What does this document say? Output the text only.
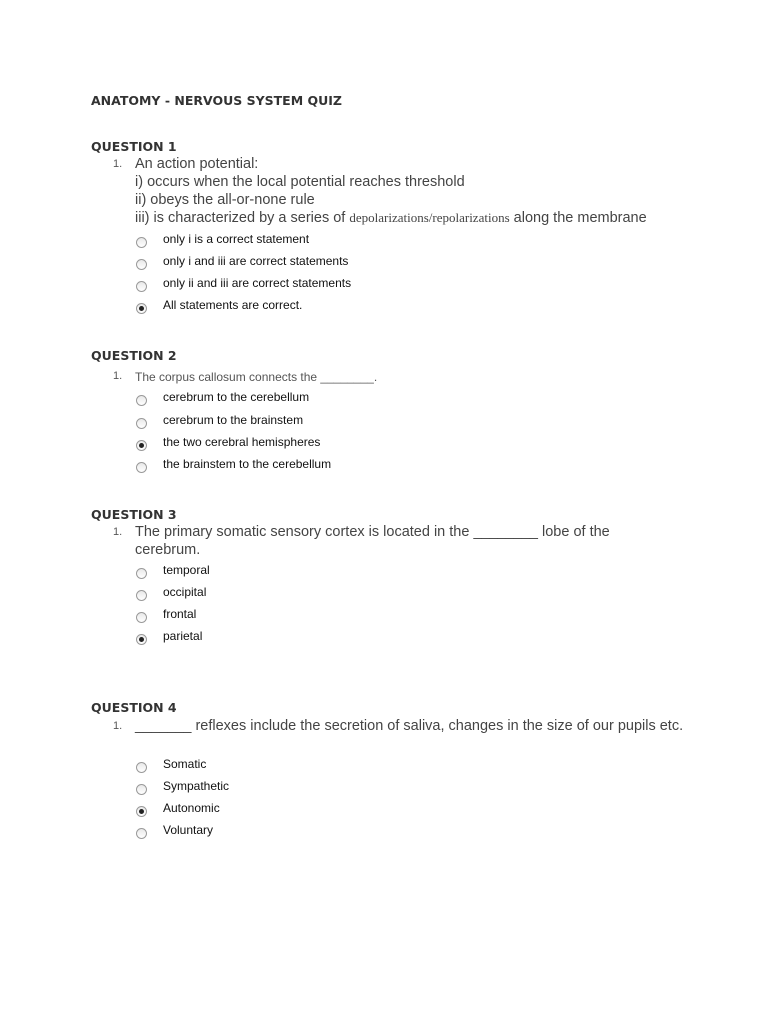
ANATOMY - NERVOUS SYSTEM QUIZ
QUESTION 1
1. An action potential:
i) occurs when the local potential reaches threshold
ii) obeys the all-or-none rule
iii) is characterized by a series of depolarizations/repolarizations along the membrane
only i is a correct statement
only i and iii are correct statements
only ii and iii are correct statements
All statements are correct.
QUESTION 2
1. The corpus callosum connects the ________.
cerebrum to the cerebellum
cerebrum to the brainstem
the two cerebral hemispheres
the brainstem to the cerebellum
QUESTION 3
1. The primary somatic sensory cortex is located in the ________ lobe of the cerebrum.
temporal
occipital
frontal
parietal
QUESTION 4
1. _______ reflexes include the secretion of saliva, changes in the size of our pupils etc.
Somatic
Sympathetic
Autonomic
Voluntary
